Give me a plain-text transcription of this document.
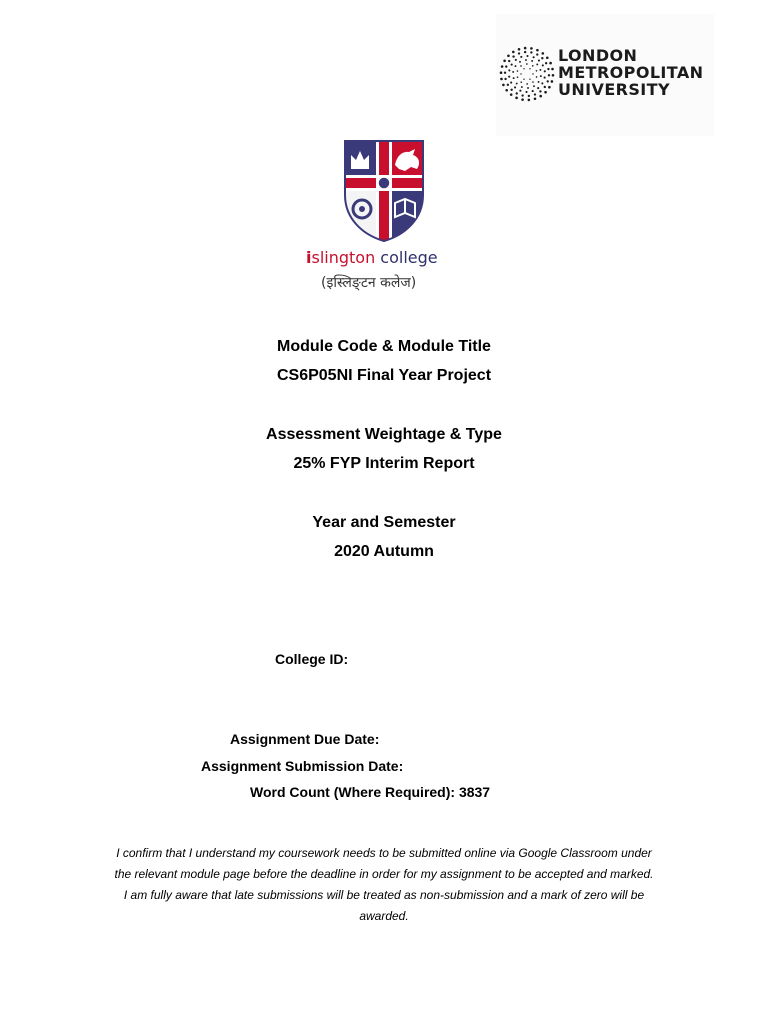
LONDON
METROPOLITAN
UNIVERSITY
islington college
(इस्लिङ्टन कलेज)
Module Code & Module Title
CS6P05NI Final Year Project
Assessment Weightage & Type
25% FYP Interim Report
Year and Semester
2020 Autumn
College ID:
Assignment Due Date:
Assignment Submission Date:
Word Count (Where Required): 3837
I confirm that I understand my coursework needs to be submitted online via Google Classroom under
the relevant module page before the deadline in order for my assignment to be accepted and marked.
I am fully aware that late submissions will be treated as non-submission and a mark of zero will be
awarded.
